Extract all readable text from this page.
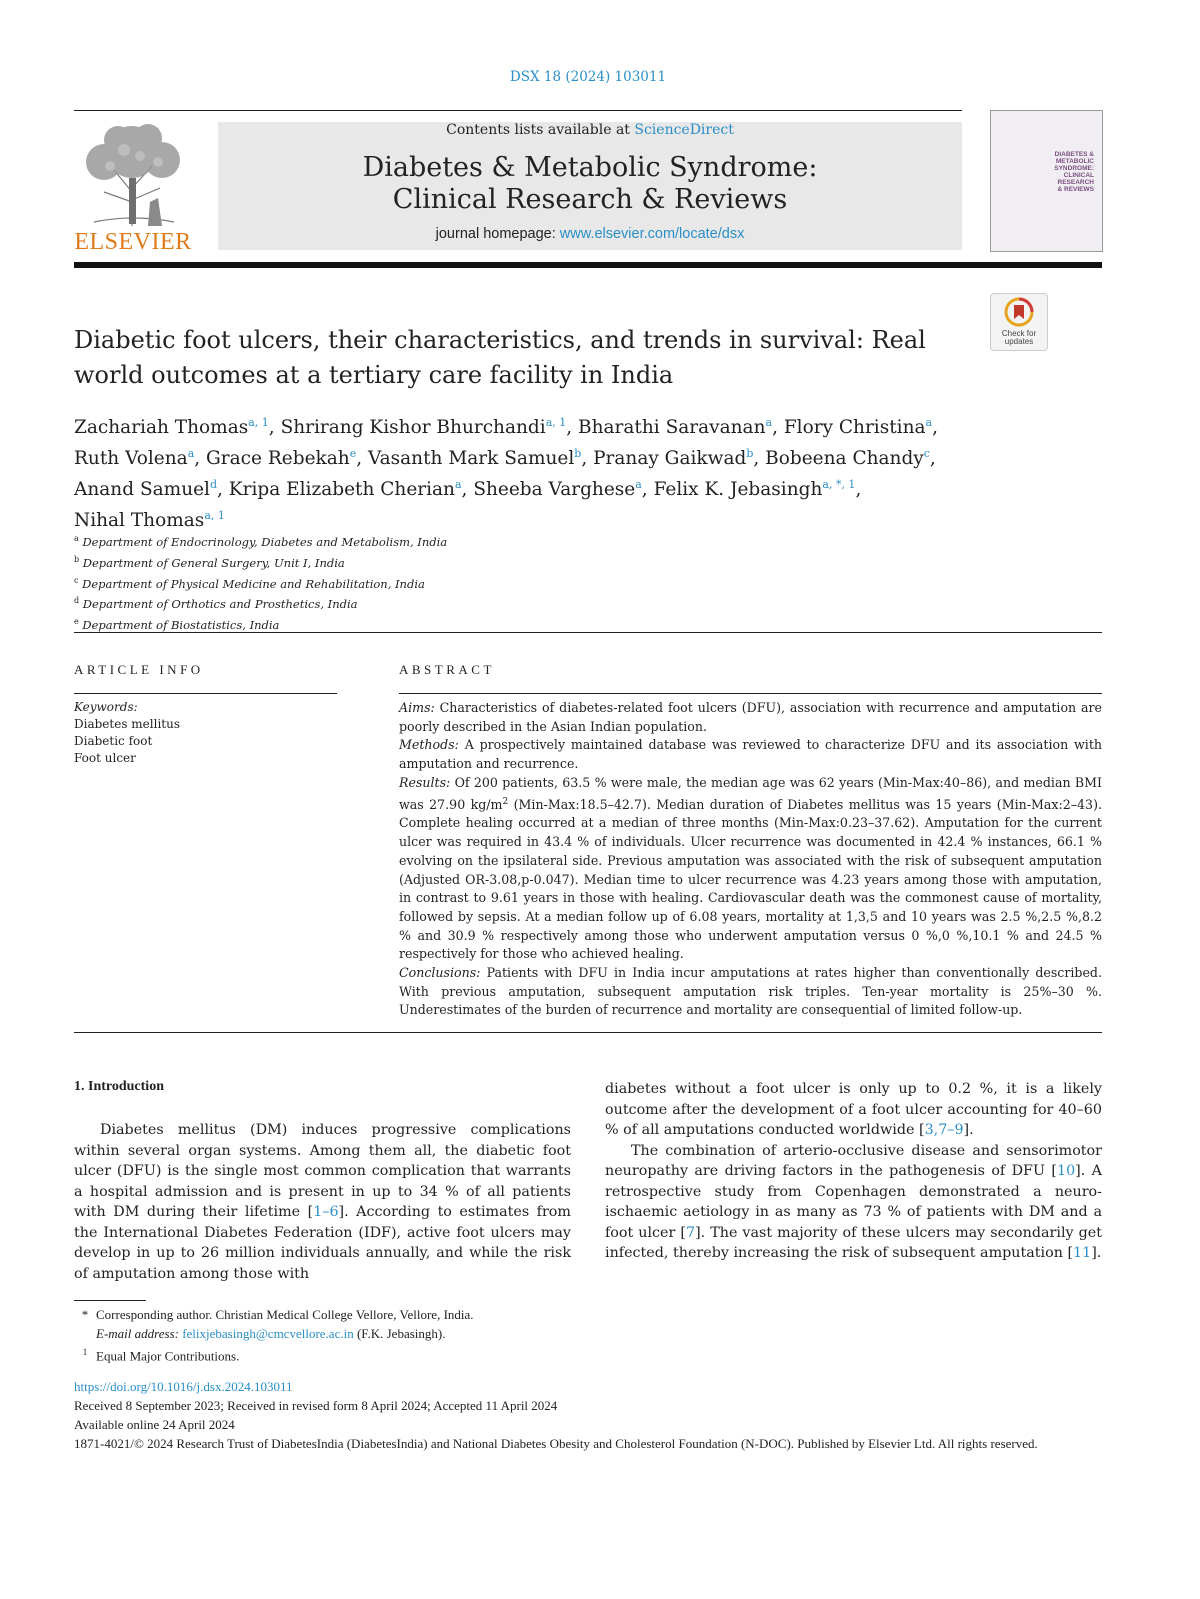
DSX 18 (2024) 103011
ELSEVIER
Contents lists available at ScienceDirect
Diabetes & Metabolic Syndrome:
Clinical Research & Reviews
journal homepage: www.elsevier.com/locate/dsx
DIABETES &
METABOLIC
SYNDROME:
CLINICAL
RESEARCH
& REVIEWS
Check for
updates
Diabetic foot ulcers, their characteristics, and trends in survival: Real world outcomes at a tertiary care facility in India
Zachariah Thomas$^{a, 1}$, Shrirang Kishor Bhurchandi$^{a, 1}$, Bharathi Saravanan$^a$, Flory Christina$^a$,
Ruth Volena$^a$, Grace Rebekah$^e$, Vasanth Mark Samuel$^b$, Pranay Gaikwad$^b$, Bobeena Chandy$^c$,
Anand Samuel$^d$, Kripa Elizabeth Cherian$^a$, Sheeba Varghese$^a$, Felix K. Jebasingh$^{a, *, 1}$,
Nihal Thomas$^{a, 1}$
$^a$ Department of Endocrinology, Diabetes and Metabolism, India
$^b$ Department of General Surgery, Unit I, India
$^c$ Department of Physical Medicine and Rehabilitation, India
$^d$ Department of Orthotics and Prosthetics, India
$^e$ Department of Biostatistics, India
ARTICLE INFO
Keywords:
Diabetes mellitus
Diabetic foot
Foot ulcer
ABSTRACT

Aims: Characteristics of diabetes-related foot ulcers (DFU), association with recurrence and amputation are poorly described in the Asian Indian population.

Methods: A prospectively maintained database was reviewed to characterize DFU and its association with amputation and recurrence.

Results: Of 200 patients, 63.5 % were male, the median age was 62 years (Min-Max:40–86), and median BMI was 27.90 $kg/m^2$ (Min-Max:18.5–42.7). Median duration of Diabetes mellitus was 15 years (Min-Max:2–43). Complete healing occurred at a median of three months (Min-Max:0.23–37.62). Amputation for the current ulcer was required in 43.4 % of individuals. Ulcer recurrence was documented in 42.4 % instances, 66.1 % evolving on the ipsilateral side. Previous amputation was associated with the risk of subsequent amputation (Adjusted OR-3.08,p-0.047). Median time to ulcer recurrence was 4.23 years among those with amputation, in contrast to 9.61 years in those with healing. Cardiovascular death was the commonest cause of mortality, followed by sepsis. At a median follow up of 6.08 years, mortality at 1,3,5 and 10 years was 2.5 %,2.5 %,8.2 % and 30.9 % respectively among those who underwent amputation versus 0 %,0 %,10.1 % and 24.5 % respectively for those who achieved healing.

Conclusions: Patients with DFU in India incur amputations at rates higher than conventionally described. With previous amputation, subsequent amputation risk triples. Ten-year mortality is 25%–30 %. Underestimates of the burden of recurrence and mortality are consequential of limited follow-up.

1. Introduction

Diabetes mellitus (DM) induces progressive complications within several organ systems. Among them all, the diabetic foot ulcer (DFU) is the single most common complication that warrants a hospital admission and is present in up to 34 % of all patients with DM during their lifetime [1–6]. According to estimates from the International Diabetes Federation (IDF), active foot ulcers may develop in up to 26 million individuals annually, and while the risk of amputation among those with

diabetes without a foot ulcer is only up to 0.2 %, it is a likely outcome after the development of a foot ulcer accounting for 40–60 % of all amputations conducted worldwide [3,7–9].

The combination of arterio-occlusive disease and sensorimotor neuropathy are driving factors in the pathogenesis of DFU [10]. A retrospective study from Copenhagen demonstrated a neuro-ischaemic aetiology in as many as 73 % of patients with DM and a foot ulcer [7]. The vast majority of these ulcers may secondarily get infected, thereby increasing the risk of subsequent amputation [11].

* Corresponding author. Christian Medical College Vellore, Vellore, India.
E-mail address: felixjebasingh@cmcvellore.ac.in (F.K. Jebasingh).
1 Equal Major Contributions.
https://doi.org/10.1016/j.dsx.2024.103011
Received 8 September 2023; Received in revised form 8 April 2024; Accepted 11 April 2024
Available online 24 April 2024
1871-4021/© 2024 Research Trust of DiabetesIndia (DiabetesIndia) and National Diabetes Obesity and Cholesterol Foundation (N-DOC). Published by Elsevier Ltd. All rights reserved.
